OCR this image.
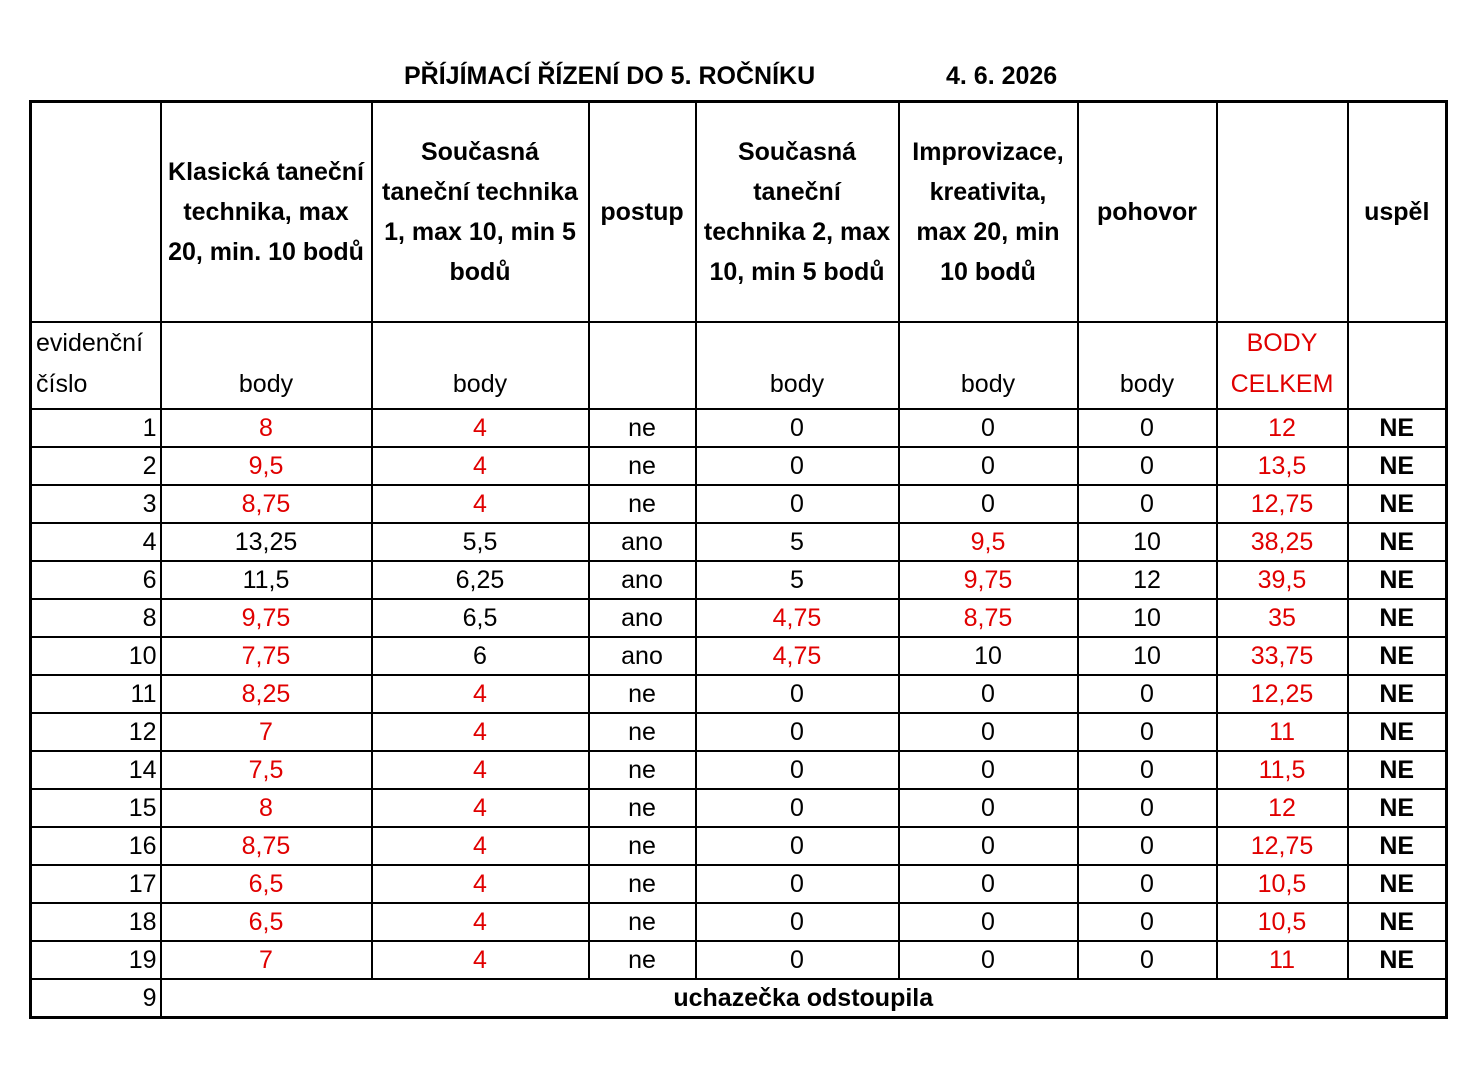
PŘÍJÍMACÍ ŘÍZENÍ DO 5. ROČNÍKU	4. 6. 2026
	Klasická taneční technika, max 20, min. 10 bodů	Současná taneční technika 1, max 10, min 5 bodů	postup	Současná taneční technika 2, max 10, min 5 bodů	Improvizace, kreativita, max 20, min 10 bodů	pohovor		uspěl
evidenční číslo	body	body		body	body	body	BODY CELKEM	
1	8	4	ne	0	0	0	12	NE
2	9,5	4	ne	0	0	0	13,5	NE
3	8,75	4	ne	0	0	0	12,75	NE
4	13,25	5,5	ano	5	9,5	10	38,25	NE
6	11,5	6,25	ano	5	9,75	12	39,5	NE
8	9,75	6,5	ano	4,75	8,75	10	35	NE
10	7,75	6	ano	4,75	10	10	33,75	NE
11	8,25	4	ne	0	0	0	12,25	NE
12	7	4	ne	0	0	0	11	NE
14	7,5	4	ne	0	0	0	11,5	NE
15	8	4	ne	0	0	0	12	NE
16	8,75	4	ne	0	0	0	12,75	NE
17	6,5	4	ne	0	0	0	10,5	NE
18	6,5	4	ne	0	0	0	10,5	NE
19	7	4	ne	0	0	0	11	NE
9	uchazečka odstoupila							
